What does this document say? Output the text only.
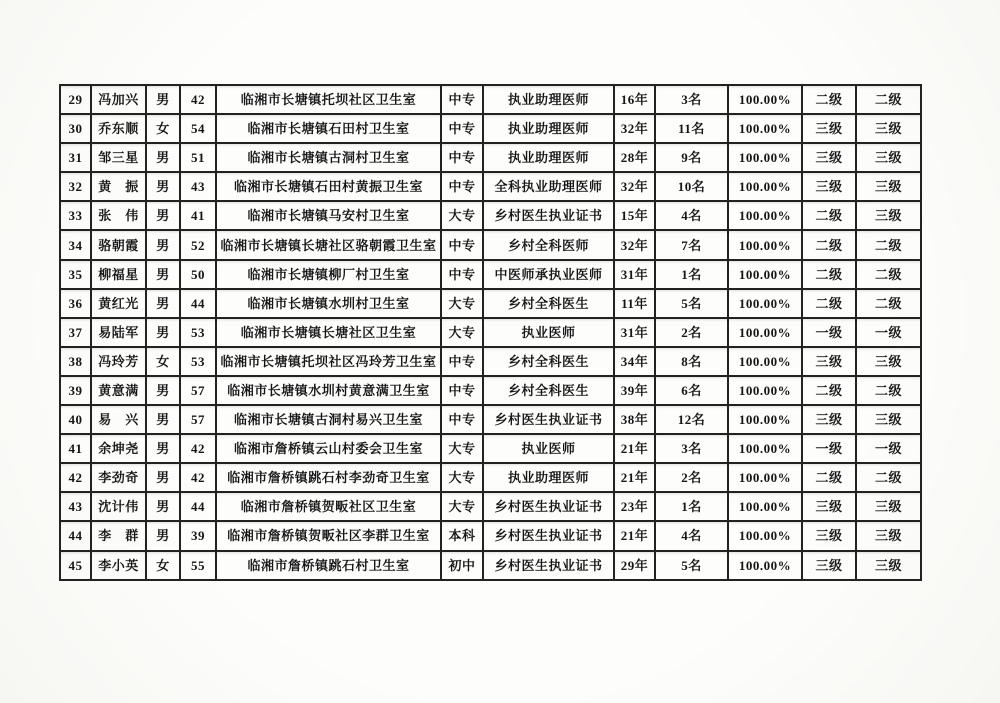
29	冯加兴	男	42	临湘市长塘镇托坝社区卫生室	中专	执业助理医师	16年	3名	100.00%	二级	二级
30	乔东顺	女	54	临湘市长塘镇石田村卫生室	中专	执业助理医师	32年	11名	100.00%	三级	三级
31	邹三星	男	51	临湘市长塘镇古洞村卫生室	中专	执业助理医师	28年	9名	100.00%	三级	三级
32	黄　振	男	43	临湘市长塘镇石田村黄振卫生室	中专	全科执业助理医师	32年	10名	100.00%	三级	三级
33	张　伟	男	41	临湘市长塘镇马安村卫生室	大专	乡村医生执业证书	15年	4名	100.00%	二级	三级
34	骆朝霞	男	52	临湘市长塘镇长塘社区骆朝霞卫生室	中专	乡村全科医师	32年	7名	100.00%	二级	二级
35	柳福星	男	50	临湘市长塘镇柳厂村卫生室	中专	中医师承执业医师	31年	1名	100.00%	二级	二级
36	黄红光	男	44	临湘市长塘镇水圳村卫生室	大专	乡村全科医生	11年	5名	100.00%	二级	二级
37	易陆军	男	53	临湘市长塘镇长塘社区卫生室	大专	执业医师	31年	2名	100.00%	一级	一级
38	冯玲芳	女	53	临湘市长塘镇托坝社区冯玲芳卫生室	中专	乡村全科医生	34年	8名	100.00%	三级	三级
39	黄意满	男	57	临湘市长塘镇水圳村黄意满卫生室	中专	乡村全科医生	39年	6名	100.00%	二级	二级
40	易　兴	男	57	临湘市长塘镇古洞村易兴卫生室	中专	乡村医生执业证书	38年	12名	100.00%	三级	三级
41	余坤尧	男	42	临湘市詹桥镇云山村委会卫生室	大专	执业医师	21年	3名	100.00%	一级	一级
42	李劲奇	男	42	临湘市詹桥镇跳石村李劲奇卫生室	大专	执业助理医师	21年	2名	100.00%	二级	二级
43	沈计伟	男	44	临湘市詹桥镇贺畈社区卫生室	大专	乡村医生执业证书	23年	1名	100.00%	三级	三级
44	李　群	男	39	临湘市詹桥镇贺畈社区李群卫生室	本科	乡村医生执业证书	21年	4名	100.00%	三级	三级
45	李小英	女	55	临湘市詹桥镇跳石村卫生室	初中	乡村医生执业证书	29年	5名	100.00%	三级	三级
